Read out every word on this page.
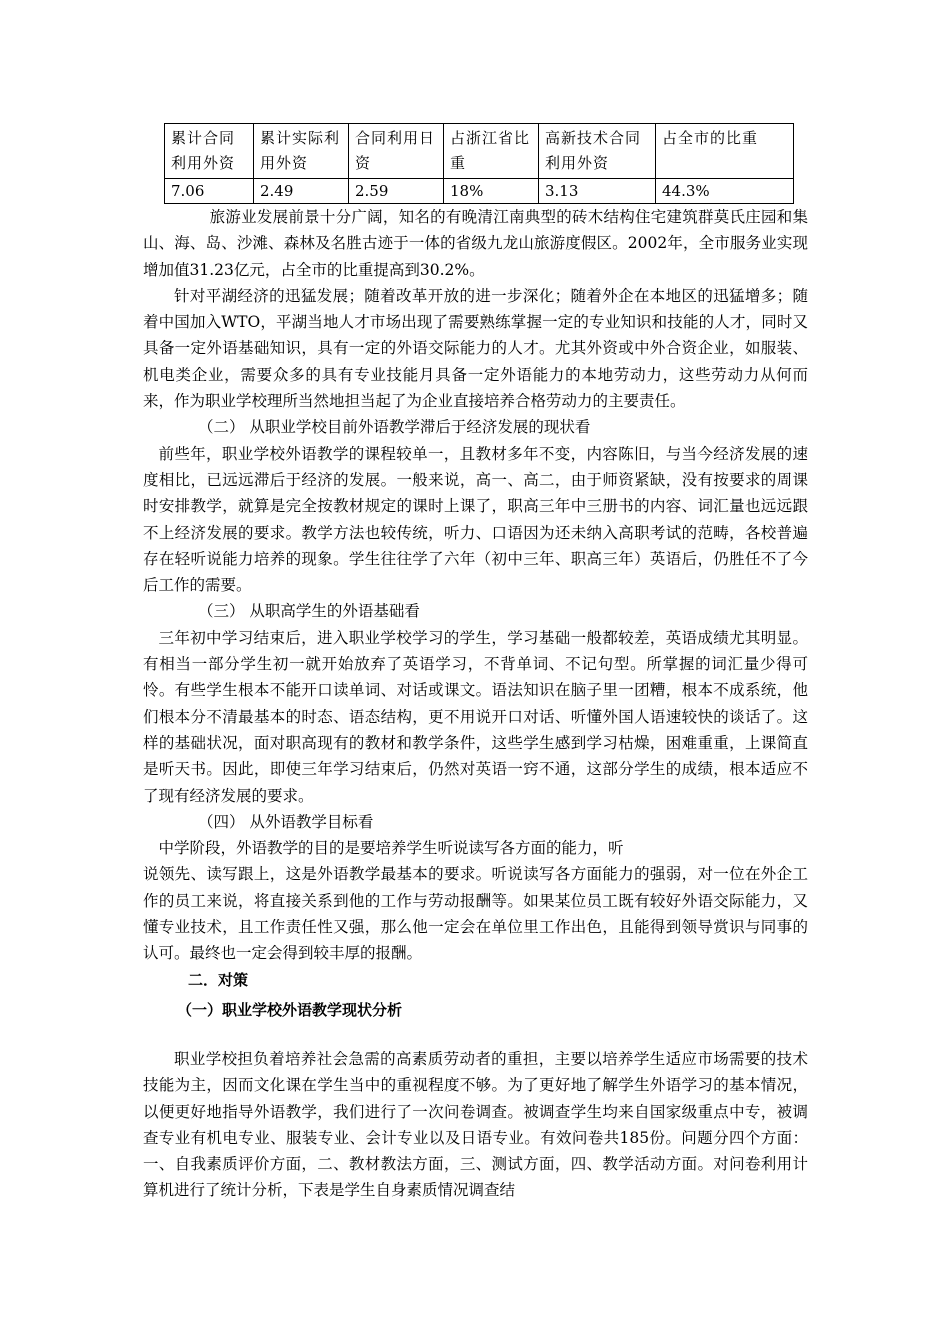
累计合同利用外资	累计实际利用外资	合同利用日资	占浙江省比重	高新技术合同利用外资	占全市的比重
7.06	2.49	2.59	18%	3.13	44.3%

旅游业发展前景十分广阔，知名的有晚清江南典型的砖木结构住宅建筑群莫氏庄园和集山、海、岛、沙滩、森林及名胜古迹于一体的省级九龙山旅游度假区。2002年，全市服务业实现增加值31.23亿元，占全市的比重提高到30.2%。

针对平湖经济的迅猛发展；随着改革开放的进一步深化；随着外企在本地区的迅猛增多；随着中国加入WTO，平湖当地人才市场出现了需要熟练掌握一定的专业知识和技能的人才，同时又具备一定外语基础知识，具有一定的外语交际能力的人才。尤其外资或中外合资企业，如服装、机电类企业，需要众多的具有专业技能月具备一定外语能力的本地劳动力，这些劳动力从何而来，作为职业学校理所当然地担当起了为企业直接培养合格劳动力的主要责任。

（二） 从职业学校目前外语教学滞后于经济发展的现状看

前些年，职业学校外语教学的课程较单一，且教材多年不变，内容陈旧，与当今经济发展的速度相比，已远远滞后于经济的发展。一般来说，高一、高二，由于师资紧缺，没有按要求的周课时安排教学，就算是完全按教材规定的课时上课了，职高三年中三册书的内容、词汇量也远远跟不上经济发展的要求。教学方法也较传统，听力、口语因为还未纳入高职考试的范畴，各校普遍存在轻听说能力培养的现象。学生往往学了六年（初中三年、职高三年）英语后，仍胜任不了今后工作的需要。

（三） 从职高学生的外语基础看

三年初中学习结束后，进入职业学校学习的学生，学习基础一般都较差，英语成绩尤其明显。有相当一部分学生初一就开始放弃了英语学习，不背单词、不记句型。所掌握的词汇量少得可怜。有些学生根本不能开口读单词、对话或课文。语法知识在脑子里一团糟，根本不成系统，他们根本分不清最基本的时态、语态结构，更不用说开口对话、听懂外国人语速较快的谈话了。这样的基础状况，面对职高现有的教材和教学条件，这些学生感到学习枯燥，困难重重，上课简直是听天书。因此，即使三年学习结束后，仍然对英语一窍不通，这部分学生的成绩，根本适应不了现有经济发展的要求。

（四） 从外语教学目标看

中学阶段，外语教学的目的是要培养学生听说读写各方面的能力，听

说领先、读写跟上，这是外语教学最基本的要求。听说读写各方面能力的强弱，对一位在外企工作的员工来说，将直接关系到他的工作与劳动报酬等。如果某位员工既有较好外语交际能力，又懂专业技术，且工作责任性又强，那么他一定会在单位里工作出色，且能得到领导赏识与同事的认可。最终也一定会得到较丰厚的报酬。

二．对策

（一）职业学校外语教学现状分析

职业学校担负着培养社会急需的高素质劳动者的重担，主要以培养学生适应市场需要的技术技能为主，因而文化课在学生当中的重视程度不够。为了更好地了解学生外语学习的基本情况，以便更好地指导外语教学，我们进行了一次问卷调查。被调查学生均来自国家级重点中专，被调查专业有机电专业、服装专业、会计专业以及日语专业。有效问卷共185份。问题分四个方面：一、自我素质评价方面，二、教材教法方面，三、测试方面，四、教学活动方面。对问卷利用计算机进行了统计分析，下表是学生自身素质情况调查结
